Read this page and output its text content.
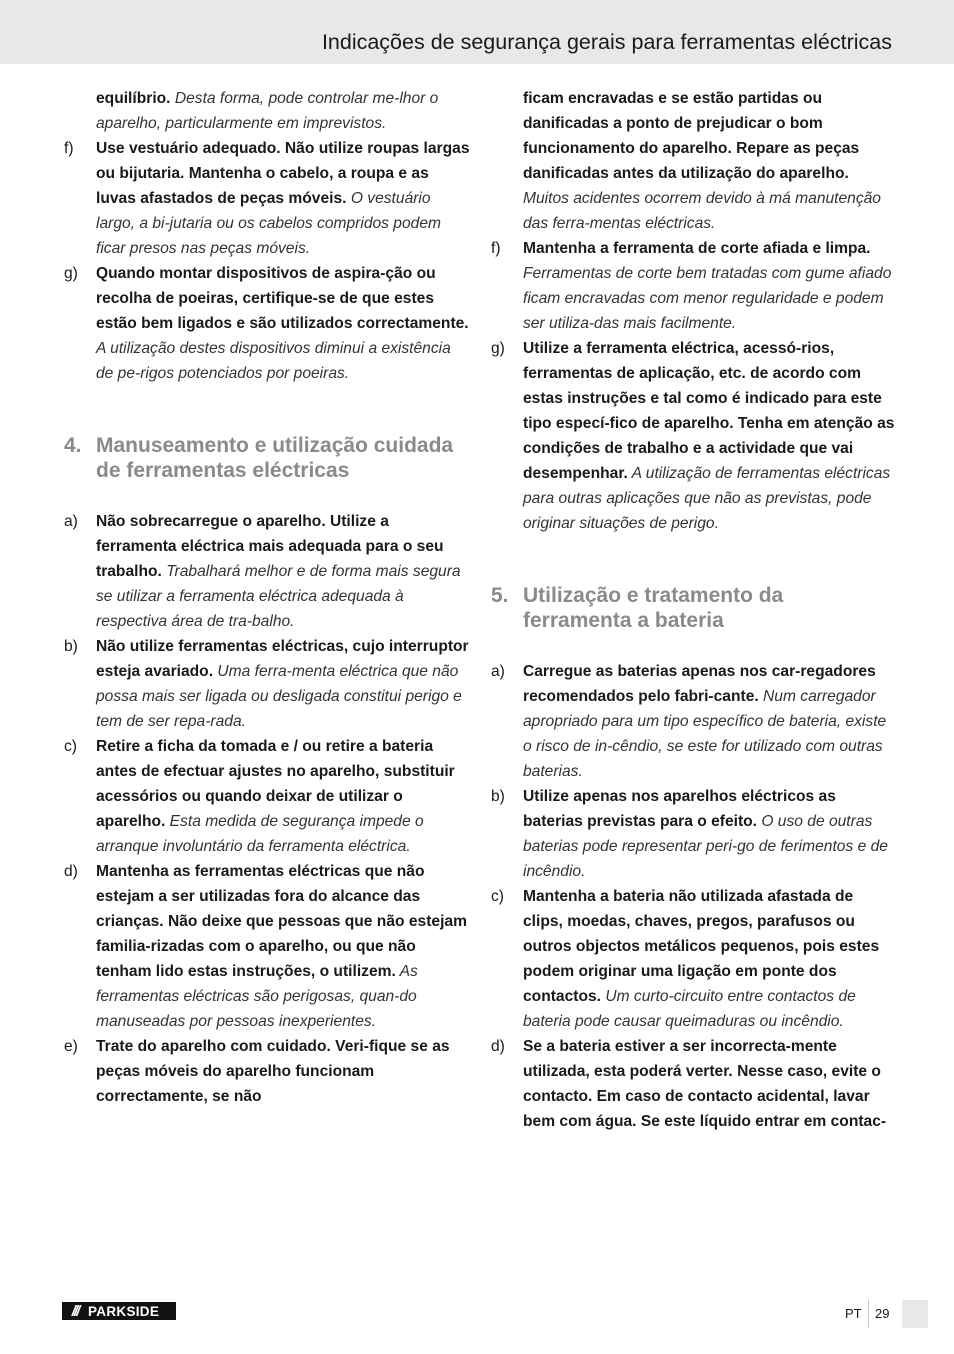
Indicações de segurança gerais para ferramentas eléctricas

equilíbrio. Desta forma, pode controlar me-lhor o aparelho, particularmente em imprevistos.

f) Use vestuário adequado. Não utilize roupas largas ou bijutaria. Mantenha o cabelo, a roupa e as luvas afastados de peças móveis. O vestuário largo, a bi-jutaria ou os cabelos compridos podem ficar presos nas peças móveis.

g) Quando montar dispositivos de aspira-ção ou recolha de poeiras, certifique-se de que estes estão bem ligados e são utilizados correctamente. A utilização destes dispositivos diminui a existência de pe-rigos potenciados por poeiras.

4. Manuseamento e utilização cuidada de ferramentas eléctricas

a) Não sobrecarregue o aparelho. Utilize a ferramenta eléctrica mais adequada para o seu trabalho. Trabalhará melhor e de forma mais segura se utilizar a ferramenta eléctrica adequada à respectiva área de tra-balho.

b) Não utilize ferramentas eléctricas, cujo interruptor esteja avariado. Uma ferra-menta eléctrica que não possa mais ser ligada ou desligada constitui perigo e tem de ser repa-rada.

c) Retire a ficha da tomada e / ou retire a bateria antes de efectuar ajustes no aparelho, substituir acessórios ou quando deixar de utilizar o aparelho. Esta medida de segurança impede o arranque involuntário da ferramenta eléctrica.

d) Mantenha as ferramentas eléctricas que não estejam a ser utilizadas fora do alcance das crianças. Não deixe que pessoas que não estejam familia-rizadas com o aparelho, ou que não tenham lido estas instruções, o utilizem. As ferramentas eléctricas são perigosas, quan-do manuseadas por pessoas inexperientes.

e) Trate do aparelho com cuidado. Veri-fique se as peças móveis do aparelho funcionam correctamente, se não

ficam encravadas e se estão partidas ou danificadas a ponto de prejudicar o bom funcionamento do aparelho. Repare as peças danificadas antes da utilização do aparelho. Muitos acidentes ocorrem devido à má manutenção das ferra-mentas eléctricas.

f) Mantenha a ferramenta de corte afiada e limpa. Ferramentas de corte bem tratadas com gume afiado ficam encravadas com menor regularidade e podem ser utiliza-das mais facilmente.

g) Utilize a ferramenta eléctrica, acessó-rios, ferramentas de aplicação, etc. de acordo com estas instruções e tal como é indicado para este tipo especí-fico de aparelho. Tenha em atenção as condições de trabalho e a actividade que vai desempenhar. A utilização de ferramentas eléctricas para outras aplicações que não as previstas, pode originar situações de perigo.

5. Utilização e tratamento da ferramenta a bateria

a) Carregue as baterias apenas nos car-regadores recomendados pelo fabri-cante. Num carregador apropriado para um tipo específico de bateria, existe o risco de in-cêndio, se este for utilizado com outras baterias.

b) Utilize apenas nos aparelhos eléctricos as baterias previstas para o efeito. O uso de outras baterias pode representar peri-go de ferimentos e de incêndio.

c) Mantenha a bateria não utilizada afastada de clips, moedas, chaves, pregos, parafusos ou outros objectos metálicos pequenos, pois estes podem originar uma ligação em ponte dos contactos. Um curto-circuito entre contactos de bateria pode causar queimaduras ou incêndio.

d) Se a bateria estiver a ser incorrecta-mente utilizada, esta poderá verter. Nesse caso, evite o contacto. Em caso de contacto acidental, lavar bem com água. Se este líquido entrar em contac-

/// PARKSIDE	PT 29
